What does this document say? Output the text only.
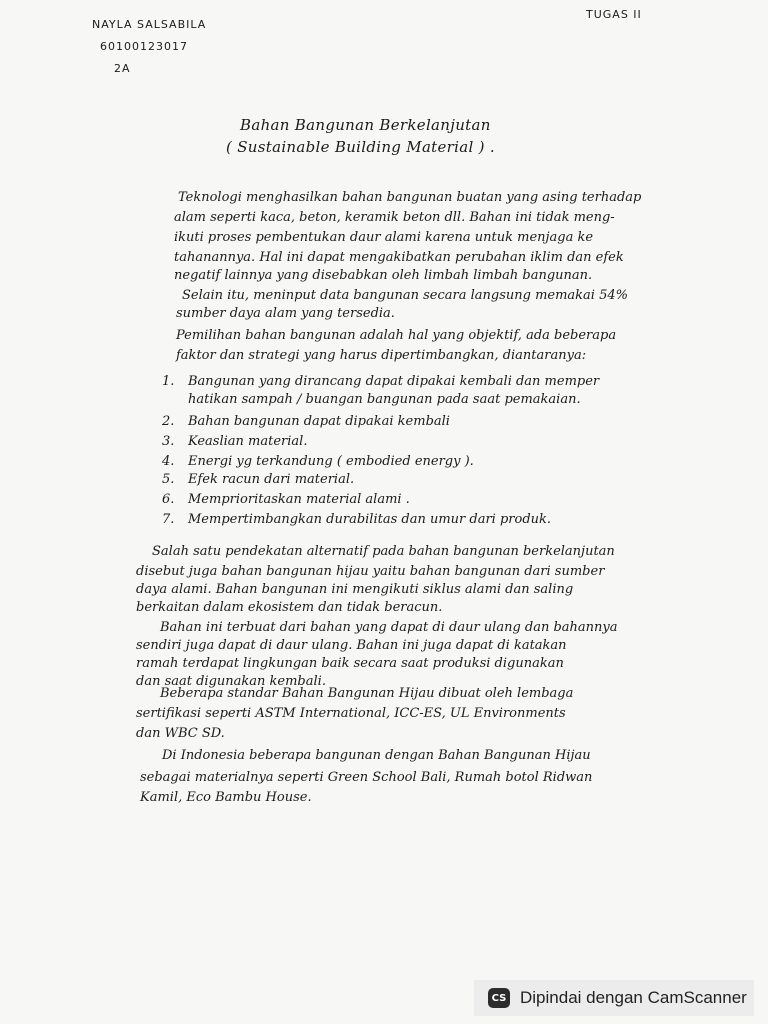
TUGAS II
NAYLA SALSABILA
60100123017
2A
Bahan Bangunan Berkelanjutan
( Sustainable Building Material ) .
Teknologi menghasilkan bahan bangunan buatan yang asing terhadap
alam seperti kaca, beton, keramik beton dll. Bahan ini tidak meng-
ikuti proses pembentukan daur alami karena untuk menjaga ke
tahanannya. Hal ini dapat mengakibatkan perubahan iklim dan efek
negatif lainnya yang disebabkan oleh limbah limbah bangunan.
Selain itu, meninput data bangunan secara langsung memakai 54%
sumber daya alam yang tersedia.
Pemilihan bahan bangunan adalah hal yang objektif, ada beberapa
faktor dan strategi yang harus dipertimbangkan, diantaranya:
1. Bangunan yang dirancang dapat dipakai kembali dan memper
hatikan sampah / buangan bangunan pada saat pemakaian.
2. Bahan bangunan dapat dipakai kembali
3. Keaslian material.
4. Energi yg terkandung ( embodied energy ).
5. Efek racun dari material.
6. Memprioritaskan material alami .
7. Mempertimbangkan durabilitas dan umur dari produk.
Salah satu pendekatan alternatif pada bahan bangunan berkelanjutan
disebut juga bahan bangunan hijau yaitu bahan bangunan dari sumber
daya alami. Bahan bangunan ini mengikuti siklus alami dan saling
berkaitan dalam ekosistem dan tidak beracun.
Bahan ini terbuat dari bahan yang dapat di daur ulang dan bahannya
sendiri juga dapat di daur ulang. Bahan ini juga dapat di katakan
ramah terdapat lingkungan baik secara saat produksi digunakan
dan saat digunakan kembali.
Beberapa standar Bahan Bangunan Hijau dibuat oleh lembaga
sertifikasi seperti ASTM International, ICC-ES, UL Environments
dan WBC SD.
Di Indonesia beberapa bangunan dengan Bahan Bangunan Hijau
sebagai materialnya seperti Green School Bali, Rumah botol Ridwan
Kamil, Eco Bambu House.
CS Dipindai dengan CamScanner
